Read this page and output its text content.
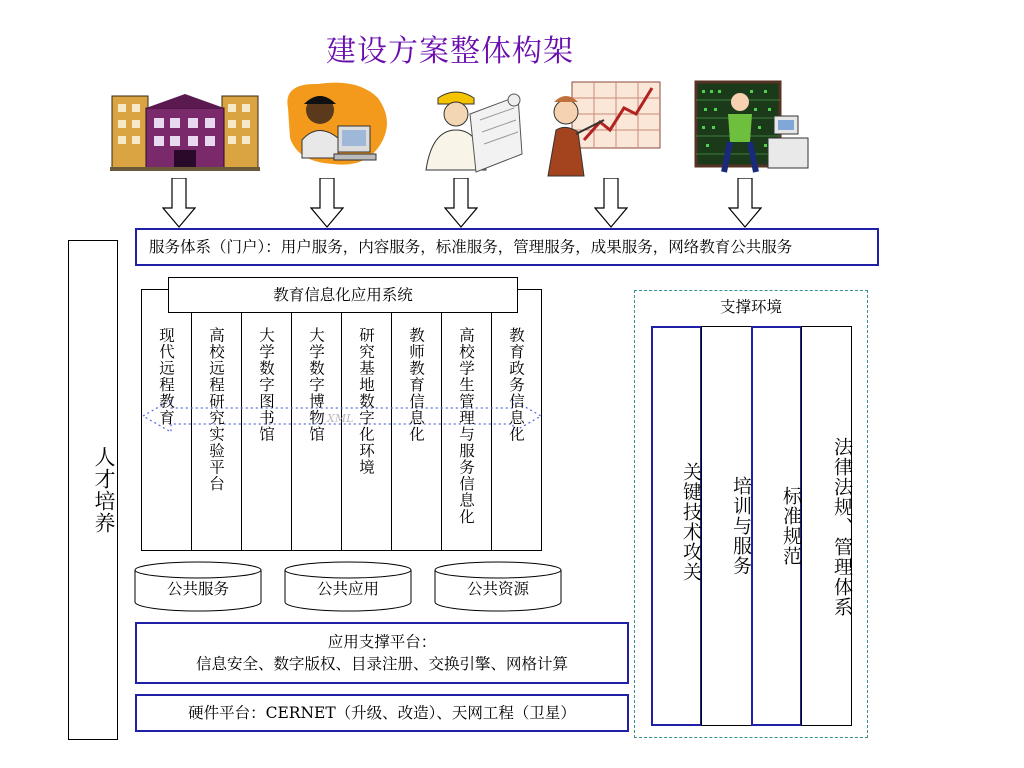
建设方案整体构架
服务体系（门户）：用户服务，内容服务，标准服务，管理服务，成果服务，网络教育公共服务
人才培养
教育信息化应用系统
XML
现代远程教育	高校远程研究实验平台	大学数字图书馆	大学数字博物馆	研究基地数字化环境	教师教育信息化	高校学生管理与服务信息化	教育政务信息化
公共服务	公共应用	公共资源
应用支撑平台：
信息安全、数字版权、目录注册、交换引擎、网格计算
硬件平台：CERNET（升级、改造）、天网工程（卫星）
支撑环境
关键技术攻关	培训与服务	标准规范	法律法规、管理体系
